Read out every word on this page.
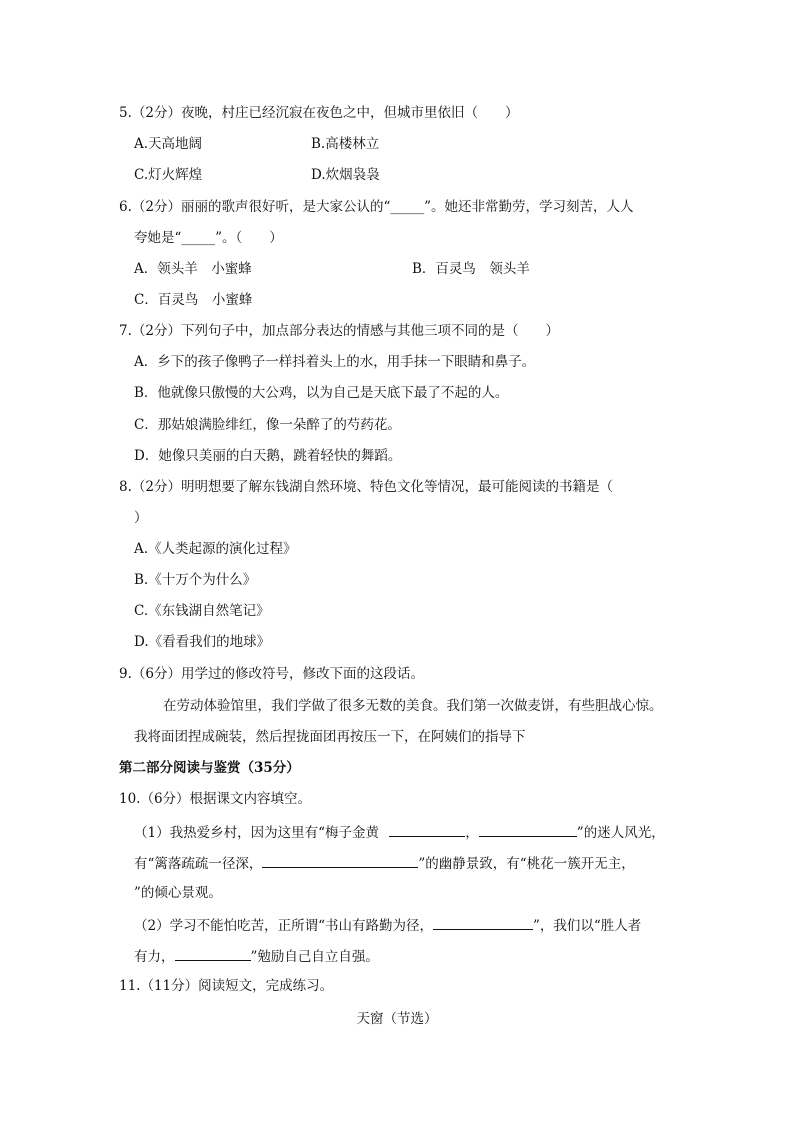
5.（2分）夜晚，村庄已经沉寂在夜色之中，但城市里依旧（　　）
A.天高地阔	B.高楼林立
C.灯火辉煌	D.炊烟袅袅
6.（2分）丽丽的歌声很好听，是大家公认的“_____”。她还非常勤劳，学习刻苦，人人
夸她是“_____”。（　　）
A．领头羊　小蜜蜂	B．百灵鸟　领头羊
C．百灵鸟　小蜜蜂
7.（2分）下列句子中，加点部分表达的情感与其他三项不同的是（　　）
A．乡下的孩子像鸭子一样抖着头上的水，用手抹一下眼睛和鼻子。
B．他就像只傲慢的大公鸡，以为自己是天底下最了不起的人。
C．那姑娘满脸绯红，像一朵醉了的芍药花。
D．她像只美丽的白天鹅，跳着轻快的舞蹈。
8.（2分）明明想要了解东钱湖自然环境、特色文化等情况，最可能阅读的书籍是（
）
A.《人类起源的演化过程》
B.《十万个为什么》
C.《东钱湖自然笔记》
D.《看看我们的地球》
9.（6分）用学过的修改符号，修改下面的这段话。
在劳动体验馆里，我们学做了很多无数的美食。我们第一次做麦饼，有些胆战心惊。
我将面团捏成碗装，然后捏拢面团再按压一下，在阿姨们的指导下
第二部分阅读与鉴赏（35分）
10.（6分）根据课文内容填空。
（1）我热爱乡村，因为这里有“梅子金黄	，	”的迷人风光，
有“篱落疏疏一径深，	”的幽静景致，有“桃花一簇开无主，
”的倾心景观。
（2）学习不能怕吃苦，正所谓“书山有路勤为径，	”，我们以“胜人者
有力，	”勉励自己自立自强。
11.（11分）阅读短文，完成练习。
天窗（节选）
